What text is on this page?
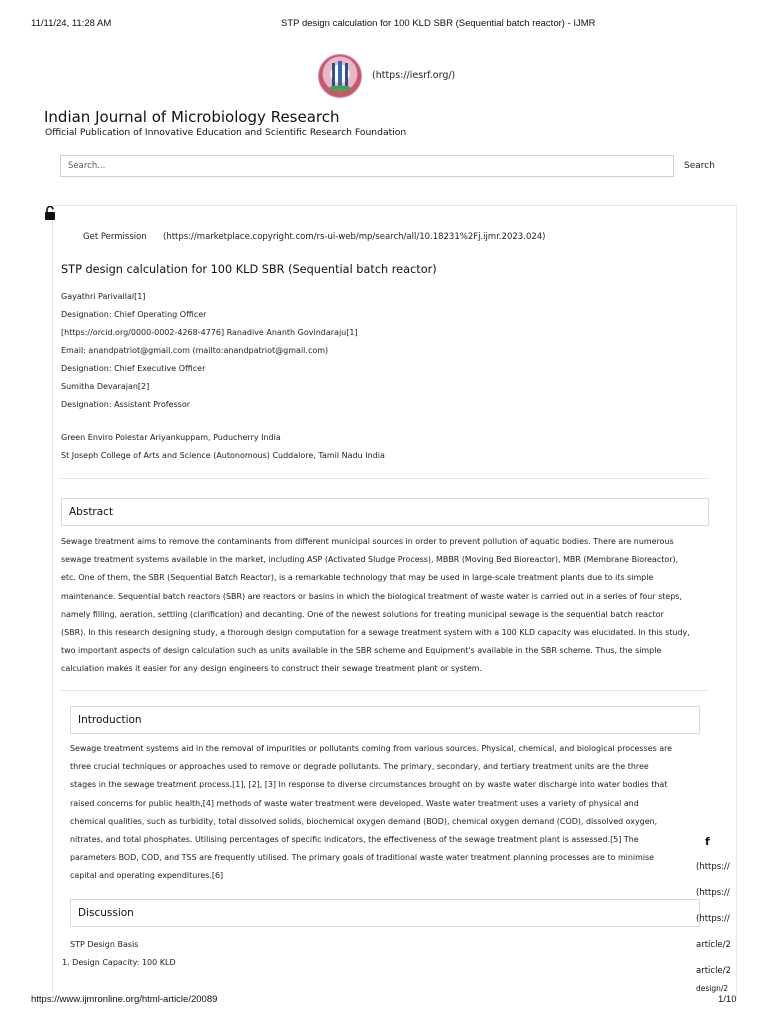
11/11/24, 11:28 AM	STP design calculation for 100 KLD SBR (Sequential batch reactor) - IJMR
(https://iesrf.org/)
Indian Journal of Microbiology Research
Official Publication of Innovative Education and Scientific Research Foundation
Search...	Search
Get Permission (https://marketplace.copyright.com/rs-ui-web/mp/search/all/10.18231%2Fj.ijmr.2023.024)
STP design calculation for 100 KLD SBR (Sequential batch reactor)
Gayathri Parivallal[1]
Designation: Chief Operating Officer
[https://orcid.org/0000-0002-4268-4776] Ranadive Ananth Govindaraju[1]
Email: anandpatriot@gmail.com (mailto:anandpatriot@gmail.com)
Designation: Chief Executive Officer
Sumitha Devarajan[2]
Designation: Assistant Professor
Green Enviro Polestar Ariyankuppam, Puducherry India
St Joseph College of Arts and Science (Autonomous) Cuddalore, Tamil Nadu India
Abstract
Sewage treatment aims to remove the contaminants from different municipal sources in order to prevent pollution of aquatic bodies. There are numerous
sewage treatment systems available in the market, including ASP (Activated Sludge Process), MBBR (Moving Bed Bioreactor), MBR (Membrane Bioreactor),
etc. One of them, the SBR (Sequential Batch Reactor), is a remarkable technology that may be used in large-scale treatment plants due to its simple
maintenance. Sequential batch reactors (SBR) are reactors or basins in which the biological treatment of waste water is carried out in a series of four steps,
namely filling, aeration, settling (clarification) and decanting. One of the newest solutions for treating municipal sewage is the sequential batch reactor
(SBR). In this research designing study, a thorough design computation for a sewage treatment system with a 100 KLD capacity was elucidated. In this study,
two important aspects of design calculation such as units available in the SBR scheme and Equipment's available in the SBR scheme. Thus, the simple
calculation makes it easier for any design engineers to construct their sewage treatment plant or system.
Introduction
Sewage treatment systems aid in the removal of impurities or pollutants coming from various sources. Physical, chemical, and biological processes are
three crucial techniques or approaches used to remove or degrade pollutants. The primary, secondary, and tertiary treatment units are the three
stages in the sewage treatment process.[1], [2], [3] In response to diverse circumstances brought on by waste water discharge into water bodies that
raised concerns for public health,[4] methods of waste water treatment were developed. Waste water treatment uses a variety of physical and
chemical qualities, such as turbidity, total dissolved solids, biochemical oxygen demand (BOD), chemical oxygen demand (COD), dissolved oxygen,
nitrates, and total phosphates. Utilising percentages of specific indicators, the effectiveness of the sewage treatment plant is assessed.[5] The
parameters BOD, COD, and TSS are frequently utilised. The primary goals of traditional waste water treatment planning processes are to minimise
capital and operating expenditures.[6]
Discussion
STP Design Basis
1. Design Capacity: 100 KLD
f
(https://
(https://
(https://
article/2
article/2
design/2
https://www.ijmronline.org/html-article/20089	1/10
